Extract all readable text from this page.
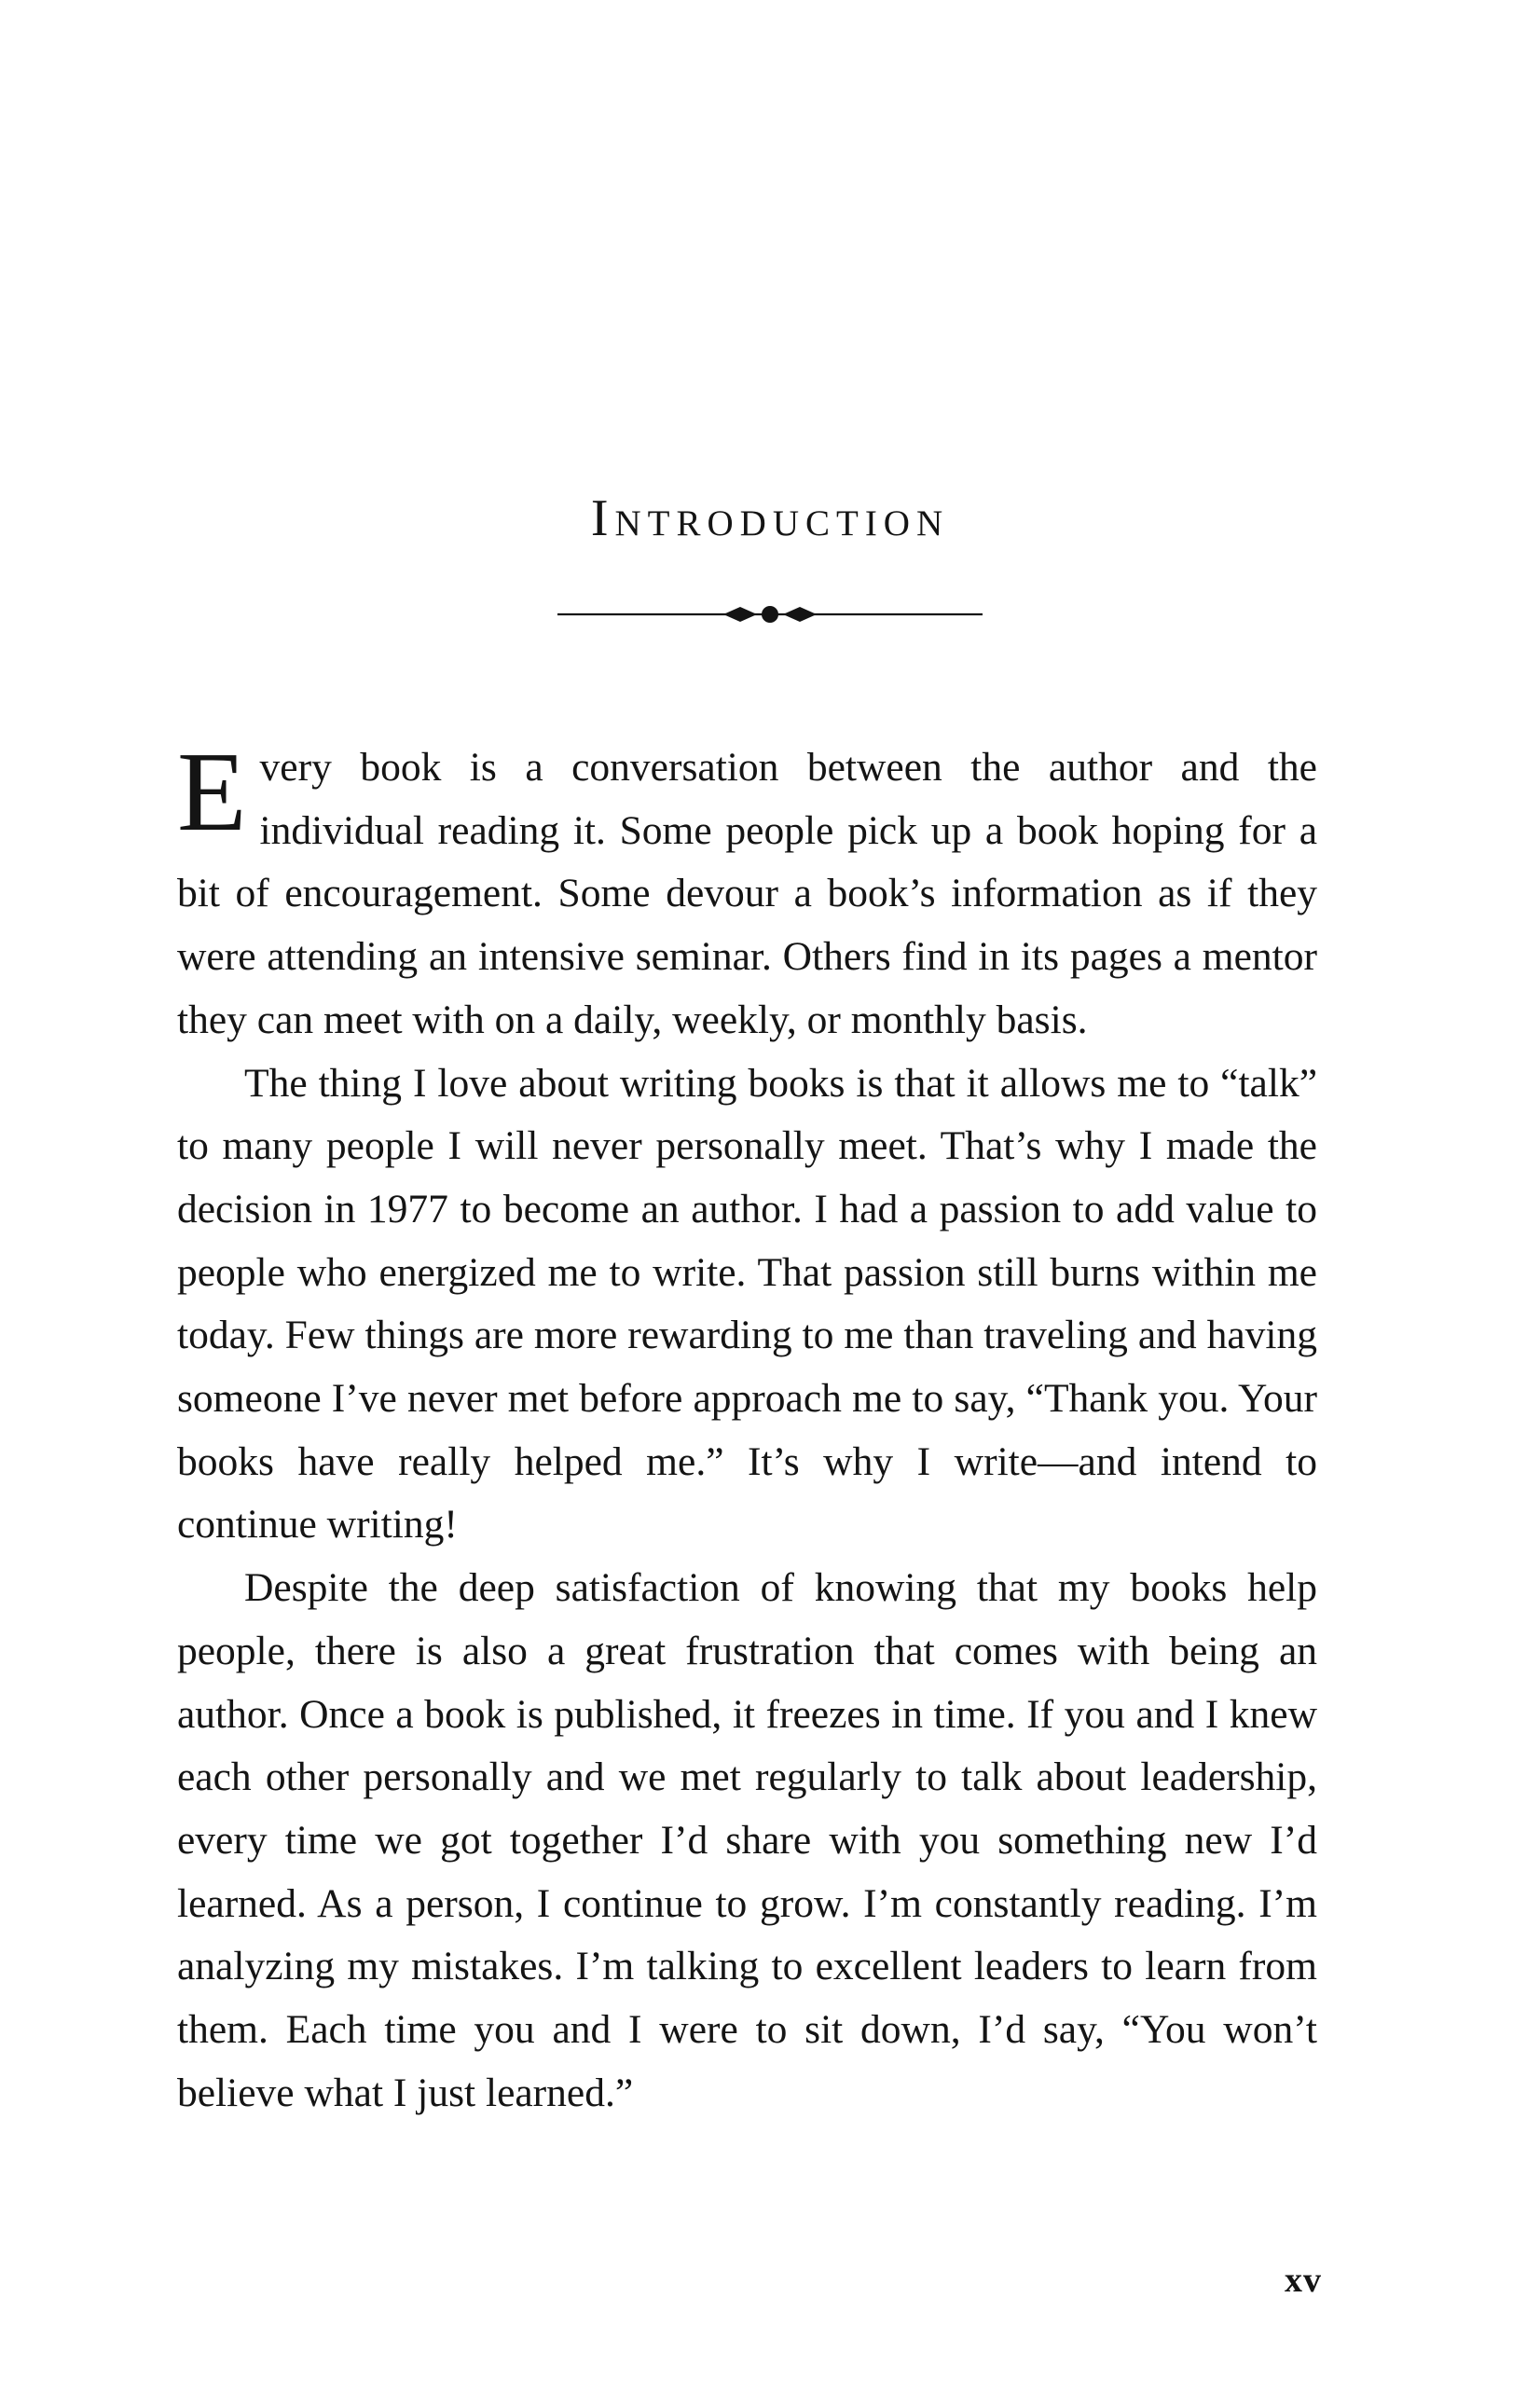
Introduction

Every book is a conversation between the author and the individual reading it. Some people pick up a book hoping for a bit of encouragement. Some devour a book’s information as if they were attending an intensive seminar. Others find in its pages a mentor they can meet with on a daily, weekly, or monthly basis.

The thing I love about writing books is that it allows me to “talk” to many people I will never personally meet. That’s why I made the decision in 1977 to become an author. I had a passion to add value to people who energized me to write. That passion still burns within me today. Few things are more rewarding to me than traveling and having someone I’ve never met before approach me to say, “Thank you. Your books have really helped me.” It’s why I write—and intend to continue writing!

Despite the deep satisfaction of knowing that my books help people, there is also a great frustration that comes with being an author. Once a book is published, it freezes in time. If you and I knew each other personally and we met regularly to talk about leadership, every time we got together I’d share with you something new I’d learned. As a person, I continue to grow. I’m constantly reading. I’m analyzing my mistakes. I’m talking to excellent leaders to learn from them. Each time you and I were to sit down, I’d say, “You won’t believe what I just learned.”

xv
